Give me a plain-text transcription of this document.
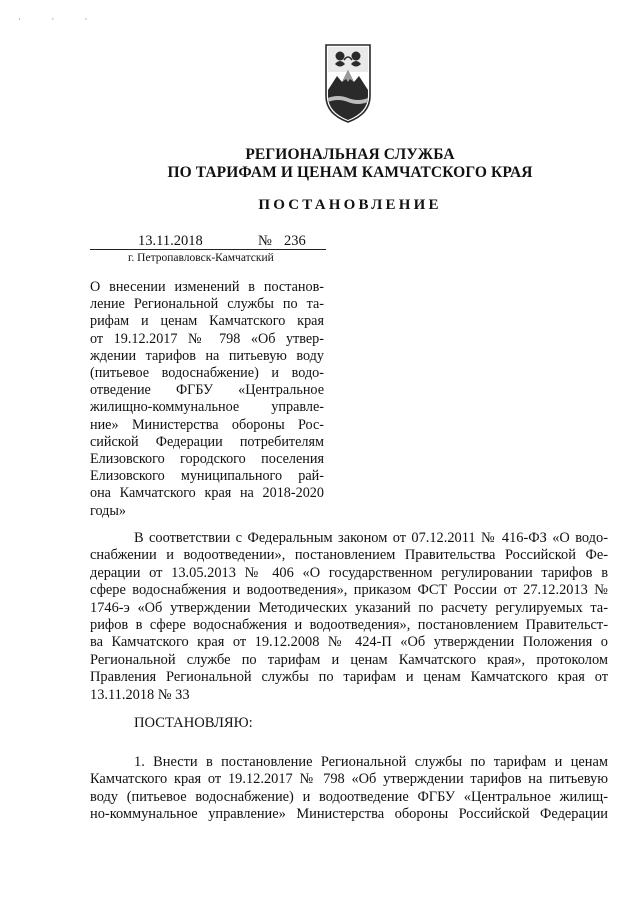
· · ·
РЕГИОНАЛЬНАЯ СЛУЖБА
ПО ТАРИФАМ И ЦЕНАМ КАМЧАТСКОГО КРАЯ
ПОСТАНОВЛЕНИЕ
13.11.2018	№ 236
г. Петропавловск-Камчатский
О внесении изменений в постанов-
ление Региональной службы по та-
рифам и ценам Камчатского края
от 19.12.2017 № 798 «Об утвер-
ждении тарифов на питьевую воду
(питьевое водоснабжение) и водо-
отведение ФГБУ «Центральное
жилищно-коммунальное управле-
ние» Министерства обороны Рос-
сийской Федерации потребителям
Елизовского городского поселения
Елизовского муниципального рай-
она Камчатского края на 2018-2020
годы»
В соответствии с Федеральным законом от 07.12.2011 № 416-ФЗ «О водо-
снабжении и водоотведении», постановлением Правительства Российской Фе-
дерации от 13.05.2013 № 406 «О государственном регулировании тарифов в
сфере водоснабжения и водоотведения», приказом ФСТ России от 27.12.2013 №
1746-э «Об утверждении Методических указаний по расчету регулируемых та-
рифов в сфере водоснабжения и водоотведения», постановлением Правительст-
ва Камчатского края от 19.12.2008 № 424-П «Об утверждении Положения о
Региональной службе по тарифам и ценам Камчатского края», протоколом
Правления Региональной службы по тарифам и ценам Камчатского края от
13.11.2018 № 33
ПОСТАНОВЛЯЮ:
1. Внести в постановление Региональной службы по тарифам и ценам
Камчатского края от 19.12.2017 № 798 «Об утверждении тарифов на питьевую
воду (питьевое водоснабжение) и водоотведение ФГБУ «Центральное жилищ-
но-коммунальное управление» Министерства обороны Российской Федерации
